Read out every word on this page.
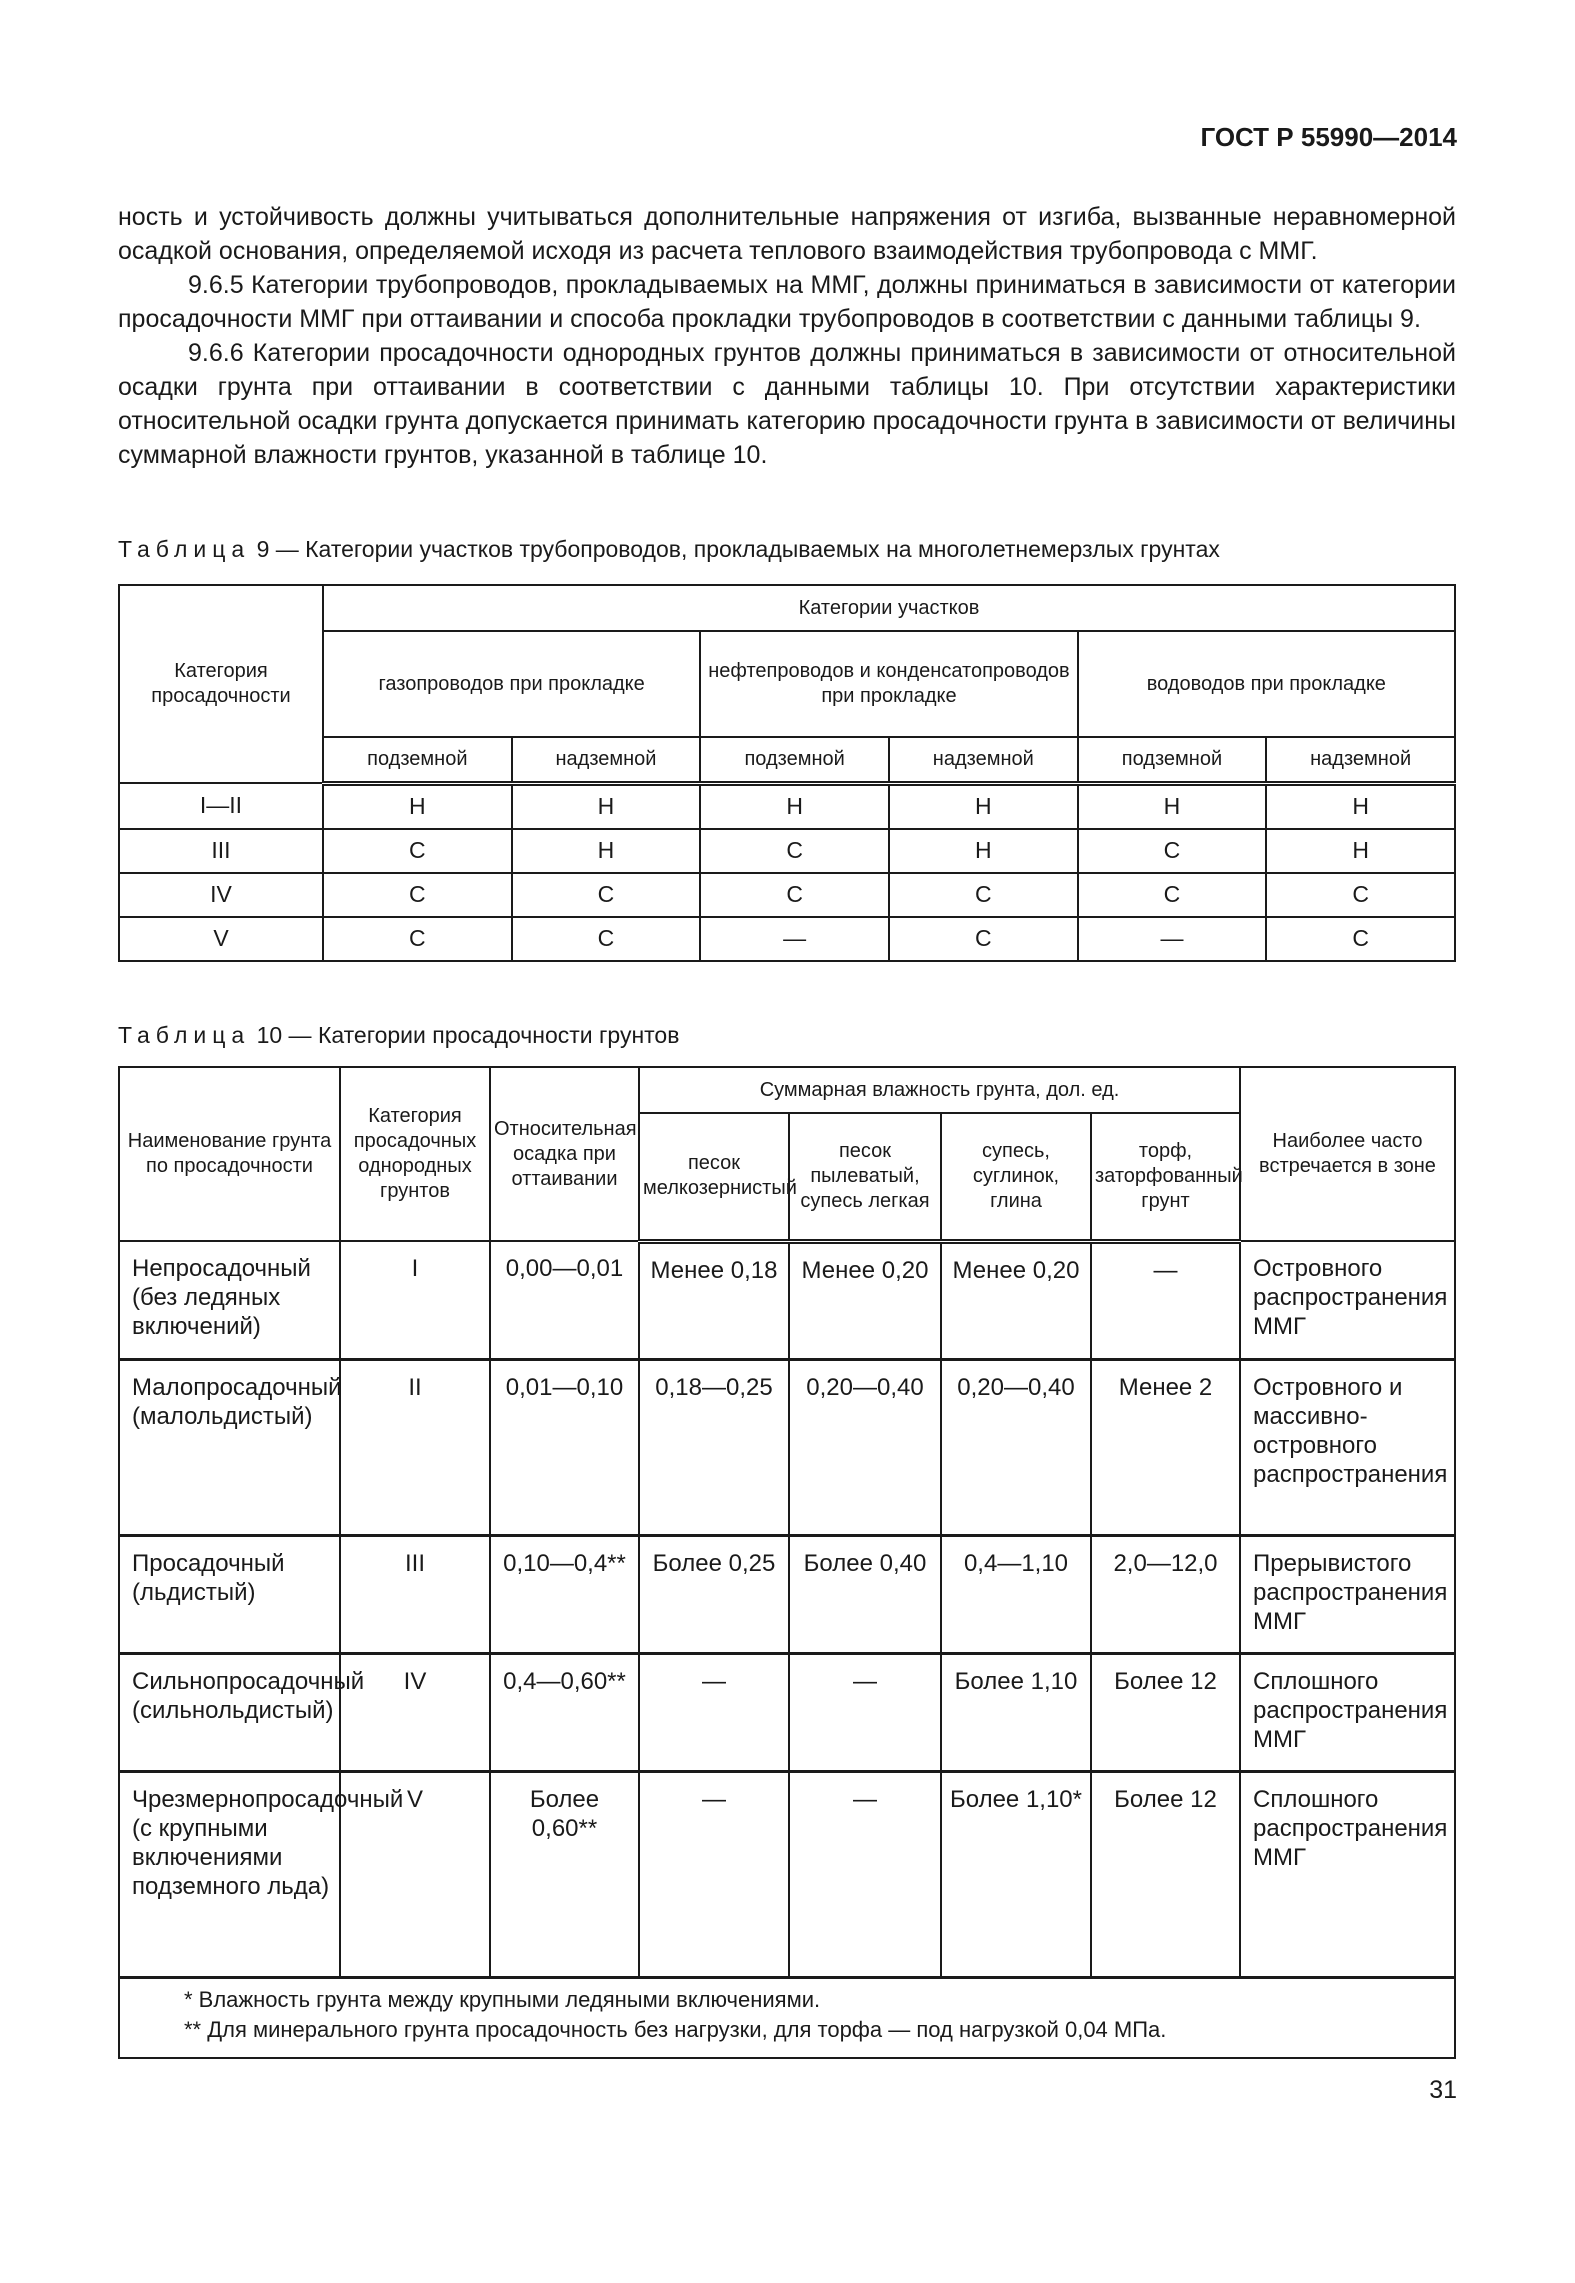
ГОСТ Р 55990—2014

ность и устойчивость должны учитываться дополнительные напряжения от изгиба, вызванные неравномерной осадкой основания, определяемой исходя из расчета теплового взаимодействия трубопровода с ММГ.

9.6.5 Категории трубопроводов, прокладываемых на ММГ, должны приниматься в зависимости от категории просадочности ММГ при оттаивании и способа прокладки трубопроводов в соответствии с данными таблицы 9.

9.6.6 Категории просадочности однородных грунтов должны приниматься в зависимости от относительной осадки грунта при оттаивании в соответствии с данными таблицы 10. При отсутствии характеристики относительной осадки грунта допускается принимать категорию просадочности грунта в зависимости от величины суммарной влажности грунтов, указанной в таблице 10.

Таблица 9 — Категории участков трубопроводов, прокладываемых на многолетнемерзлых грунтах
Категория просадочности	Категории участков					
	газопроводов при прокладке		нефтепроводов и конденсатопроводов при прокладке		водоводов при прокладке	
	подземной	надземной	подземной	надземной	подземной	надземной
I—II	Н	Н	Н	Н	Н	Н
III	С	Н	С	Н	С	Н
IV	С	С	С	С	С	С
V	С	С	—	С	—	С
Таблица 10 — Категории просадочности грунтов
Наименование грунта по просадочности	Категория просадочных однородных грунтов	Относительная осадка при оттаивании	Суммарная влажность грунта, дол. ед.				Наиболее часто встречается в зоне
			песок мелкозернистый	песок пылеватый, супесь легкая	супесь, суглинок, глина	торф, заторфованный грунт	
Непросадочный (без ледяных включений)	I	0,00—0,01	Менее 0,18	Менее 0,20	Менее 0,20	—	Островного распространения ММГ
Малопросадочный (малольдистый)	II	0,01—0,10	0,18—0,25	0,20—0,40	0,20—0,40	Менее 2	Островного и массивно-островного распространения
Просадочный (льдистый)	III	0,10—0,4**	Более 0,25	Более 0,40	0,4—1,10	2,0—12,0	Прерывистого распространения ММГ
Сильнопросадочный (сильнольдистый)	IV	0,4—0,60**	—	—	Более 1,10	Более 12	Сплошного распространения ММГ
Чрезмернопросадочный (с крупными включениями подземного льда)	V	Более 0,60**	—	—	Более 1,10*	Более 12	Сплошного распространения ММГ

* Влажность грунта между крупными ледяными включениями.
** Для минерального грунта просадочность без нагрузки, для торфа — под нагрузкой 0,04 МПа.							
31
